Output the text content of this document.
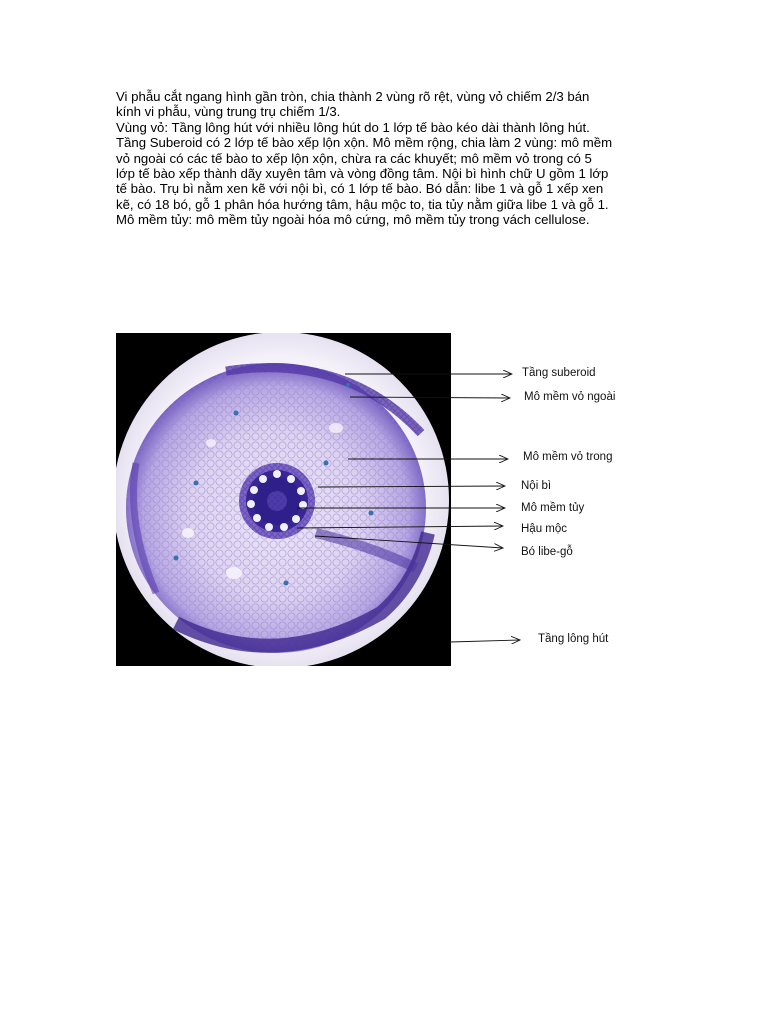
Vi phẫu cắt ngang hình gần tròn, chia thành 2 vùng rõ rệt, vùng vỏ chiếm 2/3 bán

kính vi phẫu, vùng trung trụ chiếm 1/3.

Vùng vỏ: Tầng lông hút với nhiều lông hút do 1 lớp tế bào kéo dài thành lông hút.

Tầng Suberoid có 2 lớp tế bào xếp lộn xộn. Mô mềm rộng, chia làm 2 vùng: mô mềm

vỏ ngoài có các tế bào to xếp lộn xộn, chừa ra các khuyết; mô mềm vỏ trong có 5

lớp tế bào xếp thành dãy xuyên tâm và vòng đồng tâm. Nội bì hình chữ U gồm 1 lớp

tế bào. Trụ bì nằm xen kẽ với nội bì, có 1 lớp tế bào. Bó dẫn: libe 1 và gỗ 1 xếp xen

kẽ, có 18 bó, gỗ 1 phân hóa hướng tâm, hậu mộc to, tia tủy nằm giữa libe 1 và gỗ 1.

Mô mềm tủy: mô mềm tủy ngoài hóa mô cứng, mô mềm tủy trong vách cellulose.

Tầng suberoid
Mô mềm vỏ ngoài
Mô mềm vỏ trong
Nội bì
Mô mềm tủy
Hậu mộc
Bó libe-gỗ
Tầng lông hút
